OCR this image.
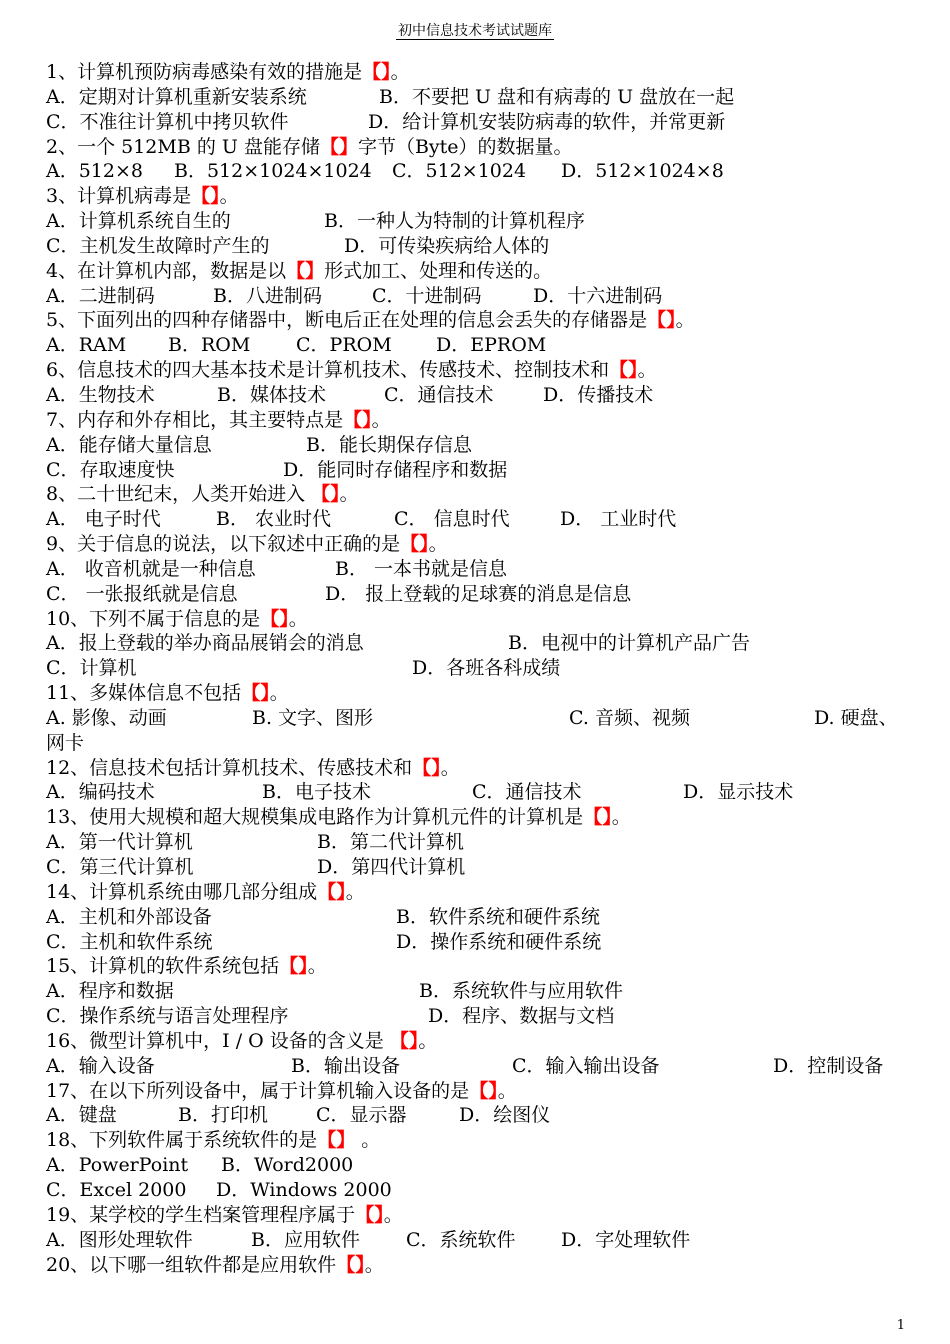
初中信息技术考试试题库
1、计算机预防病毒感染有效的措施是【】。
A．定期对计算机重新安装系统	B．不要把 U 盘和有病毒的 U 盘放在一起
C．不准往计算机中拷贝软件	D．给计算机安装防病毒的软件，并常更新
2、一个 512MB 的 U 盘能存储【】字节（Byte）的数据量。
A．512×8 B．512×1024×1024 C．512×1024 D．512×1024×8
3、计算机病毒是【】。
A．计算机系统自生的	B．一种人为特制的计算机程序
C．主机发生故障时产生的	D．可传染疾病给人体的
4、在计算机内部，数据是以【】形式加工、处理和传送的。
A．二进制码	B．八进制码	C．十进制码	D．十六进制码
5、下面列出的四种存储器中，断电后正在处理的信息会丢失的存储器是【】。
A．RAM B．ROM C．PROM D．EPROM
6、信息技术的四大基本技术是计算机技术、传感技术、控制技术和【】。
A．生物技术	B．媒体技术	C．通信技术	D．传播技术
7、内存和外存相比，其主要特点是【】。
A．能存储大量信息	B．能长期保存信息
C．存取速度快	D．能同时存储程序和数据
8、二十世纪末，人类开始进入 【】。
A． 电子时代	B． 农业时代	C． 信息时代	D． 工业时代
9、关于信息的说法，以下叙述中正确的是【】。
A． 收音机就是一种信息	B． 一本书就是信息
C． 一张报纸就是信息	D． 报上登载的足球赛的消息是信息
10、下列不属于信息的是【】。
A．报上登载的举办商品展销会的消息	B．电视中的计算机产品广告
C．计算机	D．各班各科成绩
11、多媒体信息不包括【】。
A. 影像、动画	B. 文字、图形	C. 音频、视频	D. 硬盘、
网卡
12、信息技术包括计算机技术、传感技术和【】。
A．编码技术	B．电子技术	C．通信技术	D．显示技术
13、使用大规模和超大规模集成电路作为计算机元件的计算机是【】。
A．第一代计算机	B．第二代计算机
C．第三代计算机	D．第四代计算机
14、计算机系统由哪几部分组成【】。
A．主机和外部设备	B．软件系统和硬件系统
C．主机和软件系统	D．操作系统和硬件系统
15、计算机的软件系统包括【】。
A．程序和数据	B．系统软件与应用软件
C．操作系统与语言处理程序	D．程序、数据与文档
16、微型计算机中，I / O 设备的含义是 【】。
A．输入设备	B．输出设备	C．输入输出设备	D．控制设备
17、在以下所列设备中，属于计算机输入设备的是【】。
A．键盘	B．打印机	C．显示器	D．绘图仪
18、下列软件属于系统软件的是【】 。
A．PowerPoint B．Word2000
C．Excel 2000 D．Windows 2000
19、某学校的学生档案管理程序属于【】。
A．图形处理软件	B．应用软件 C．系统软件 D．字处理软件
20、以下哪一组软件都是应用软件【】。
1
